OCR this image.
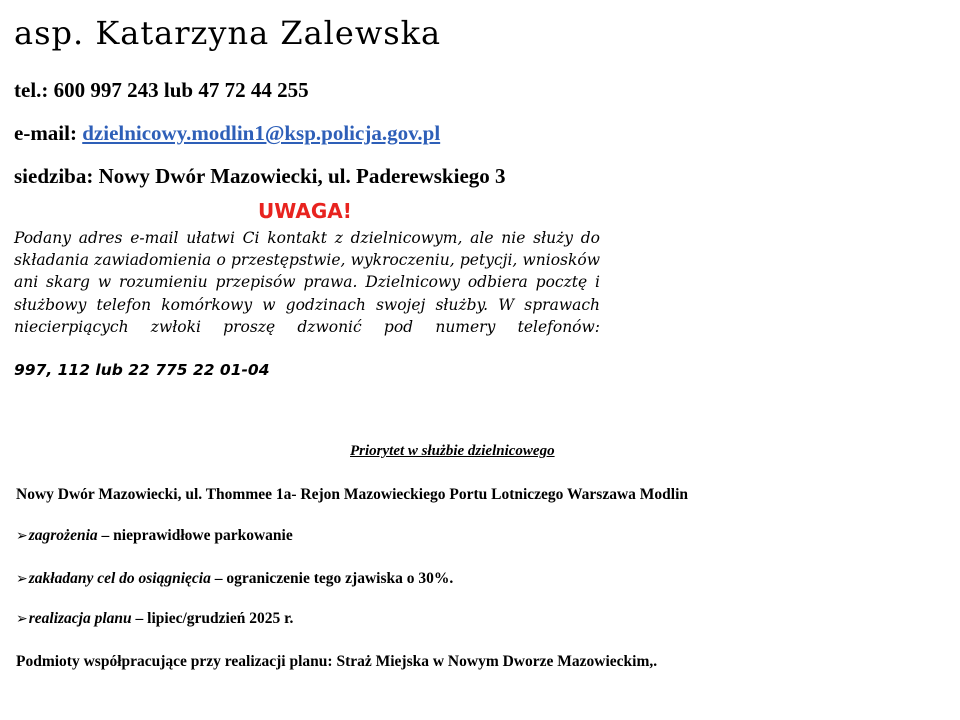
asp. Katarzyna Zalewska
tel.: 600 997 243 lub 47 72 44 255
e-mail: dzielnicowy.modlin1@ksp.policja.gov.pl
siedziba: Nowy Dwór Mazowiecki, ul. Paderewskiego 3
UWAGA!
Podany adres e-mail ułatwi Ci kontakt z dzielnicowym, ale nie służy do składania zawiadomienia o przestępstwie, wykroczeniu, petycji, wniosków ani skarg w rozumieniu przepisów prawa. Dzielnicowy odbiera pocztę i służbowy telefon komórkowy w godzinach swojej służby. W sprawach niecierpiących zwłoki proszę dzwonić pod numery telefonów:
997, 112 lub 22 775 22 01-04
Priorytet w służbie dzielnicowego
Nowy Dwór Mazowiecki, ul. Thommee 1a- Rejon Mazowieckiego Portu Lotniczego Warszawa Modlin
➢zagrożenia – nieprawidłowe parkowanie
➢zakładany cel do osiągnięcia – ograniczenie tego zjawiska o 30%.
➢realizacja planu – lipiec/grudzień 2025 r.
Podmioty współpracujące przy realizacji planu: Straż Miejska w Nowym Dworze Mazowieckim,.
